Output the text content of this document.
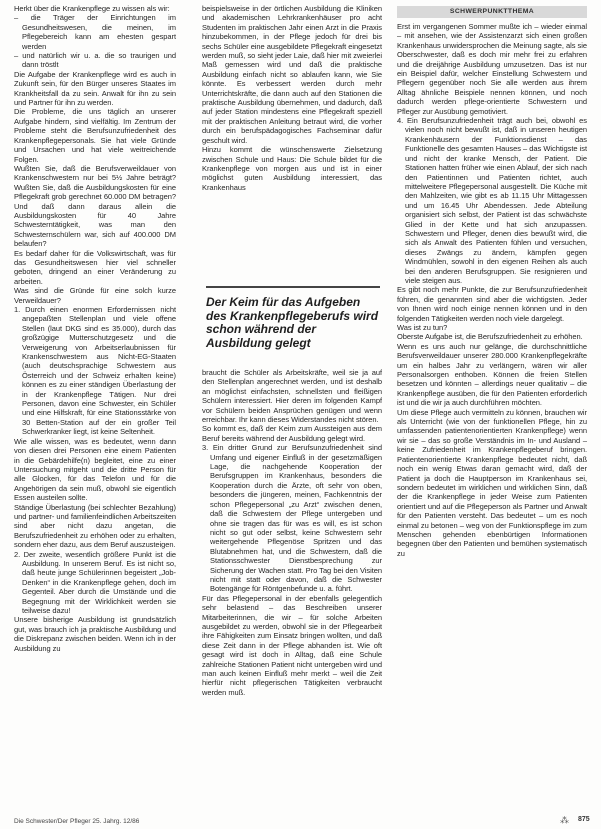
Herkt über die Krankenpflege zu wissen als wir:

– die Träger der Einrichtungen im Gesundheitswesen, die meinen, im Pflegebereich kann am ehesten gespart werden

– und natürlich wir u. a. die so traurigen und dann tröstlt

Die Aufgabe der Krankenpflege wird es auch in Zukunft sein, für den Bürger unseres Staates im Krankheitsfall da zu sein. Anwalt für ihn zu sein und Partner für ihn zu werden.

Die Probleme, die uns täglich an unserer Aufgabe hindern, sind vielfältig. Im Zentrum der Probleme steht die Berufsunzufriedenheit des Krankenpflegepersonals. Sie hat viele Gründe und Ursachen und hat viele weitreichende Folgen.

Wußten Sie, daß die Berufsverweildauer von Krankenschwestern nur bei 5½ Jahre beträgt? Wußten Sie, daß die Ausbildungskosten für eine Pflegekraft grob gerechnet 60.000 DM betragen? Und daß dann daraus allein die Ausbildungskosten für 40 Jahre Schwesterntätigkeit, was man den Schwesternschülern war, sich auf 400.000 DM belaufen?

Es bedarf daher für die Volkswirtschaft, was für das Gesundheitswesen hier viel schneller geboten, dringend an einer Veränderung zu arbeiten.

Was sind die Gründe für eine solch kurze Verweildauer?

1. Durch einen enormen Erfordernissen nicht angepaßten Stellenplan und viele offene Stellen (laut DKG sind es 35.000), durch das großzügige Mutterschutzgesetz und die Verweigerung von Arbeitserlaubnissen für Krankenschwestern aus Nicht-EG-Staaten (auch deutschsprachige Schwestern aus Österreich und der Schweiz erhalten keine) können es zu einer ständigen Überlastung der in der Krankenpflege Tätigen. Nur drei Personen, davon eine Schwester, ein Schüler und eine Hilfskraft, für eine Stationsstärke von 30 Betten-Station auf der ein großer Teil Schwerkranker liegt, ist keine Seltenheit.

Wie alle wissen, was es bedeutet, wenn dann von diesen drei Personen eine einem Patienten in die Gebärdehilfe(n) begleitet, eine zu einer Untersuchung mitgeht und die dritte Person für alle Glocken, für das Telefon und für die Angehörigen da sein muß, obwohl sie eigentlich Essen austeilen sollte.

Ständige Überlastung (bei schlechter Bezahlung) und partner- und familienfeindlichen Arbeitszeiten sind aber nicht dazu angetan, die Berufszufriedenheit zu erhöhen oder zu erhalten, sondern eher dazu, aus dem Beruf auszusteigen.

2. Der zweite, wesentlich größere Punkt ist die Ausbildung. In unserem Beruf. Es ist nicht so, daß heute junge Schülerinnen begeistert „Job-Denken“ in die Krankenpflege gehen, doch im Gegenteil. Aber durch die Umstände und die Begegnung mit der Wirklichkeit werden sie teilweise dazu!

Unsere bisherige Ausbildung ist grundsätzlich gut, was brauch ich ja praktische Ausbildung und die Diskrepanz zwischen beiden. Wenn ich in der Ausbildung zu

beispielsweise in der örtlichen Ausbildung die Kliniken und akademischen Lehrkrankenhäuser pro acht Studenten im praktischen Jahr einen Arzt in die Praxis hinzubekommen, in der Pflege jedoch für drei bis sechs Schüler eine ausgebildete Pflegekraft eingesetzt werden muß, so sieht jeder Laie, daß hier mit zweierlei Maß gemessen wird und daß die praktische Ausbildung einfach nicht so ablaufen kann, wie Sie könnte. Es verbessert werden durch mehr Unterrichtskräfte, die dann auch auf den Stationen die praktische Ausbildung übernehmen, und dadurch, daß auf jeder Station mindestens eine Pflegekraft speziell mit der praktischen Anleitung betraut wird, die vorher durch ein berufspädagogisches Fachseminar dafür geschult wird.

Hinzu kommt die wünschenswerte Zielsetzung zwischen Schule und Haus: Die Schule bildet für die Krankenpflege von morgen aus und ist in einer möglichst guten Ausbildung interessiert, das Krankenhaus

Der Keim für das Aufgeben des Krankenpflegeberufs wird schon während der Ausbildung gelegt

braucht die Schüler als Arbeitskräfte, weil sie ja auf den Stellenplan angerechnet werden, und ist deshalb an möglichst einfachsten, schnellsten und fleißigen Schülern interessiert. Hier deren im folgenden Kampf vor Schülern beiden Ansprüchen genügen und wenn erreichbar. Ihr kann dieses Widerstandes nicht stören.

So kommt es, daß der Keim zum Aussteigen aus dem Beruf bereits während der Ausbildung gelegt wird.

3. Ein dritter Grund zur Berufsunzufriedenheit sind Umfang und eigener Einfluß in der gesetzmäßigen Lage, die nachgehende Kooperation der Berufsgruppen im Krankenhaus, besonders die Kooperation durch die Ärzte, oft sehr von oben, besonders die jüngeren, meinen, Fachkenntnis der schon Pflegepersonal „zu Arzt“ zwischen denen, daß die Schwestern der Pflege untergeben und ohne sie tragen das für was es will, es ist schon nicht so gut oder selbst, keine Schwestern sehr weitergehende Pflegenöse Spritzen und das Blutabnehmen hat, und die Schwestern, daß die Stationsschwester Dienstbesprechung zur Sicherung der Wachen statt. Pro Tag bei den Visiten nicht mit statt oder davon, daß die Schwester Botengänge für Röntgenbefunde u. a. führt.

Für das Pflegepersonal in der ebenfalls gelegentlich sehr belastend – das Beschreiben unserer Mitarbeiterinnen, die wir – für solche Arbeiten ausgebildet zu werden, obwohl sie in der Pflegearbeit ihre Fähigkeiten zum Einsatz bringen wollten, und daß diese Zeit dann in der Pflege abhanden ist. Wie oft gesagt wird ist doch in Alltag, daß eine Schule zahlreiche Stationen Patient nicht untergeben wird und man auch keinen Einfluß mehr merkt – weil die Zeit hierfür nicht pflegerischen Tätigkeiten verbraucht werden muß.

SCHWERPUNKTTHEMA

Erst im vergangenen Sommer mußte ich – wieder einmal – mit ansehen, wie der Assistenzarzt sich einen großen Krankenhaus unwidersprochen die Meinung sagte, als sie Oberschwester, daß es doch mir mehr frei zu erfahren und die dreijährige Ausbildung umzusetzen. Das ist nur ein Beispiel dafür, welcher Einstellung Schwestern und Pflegern gegenüber noch Sie alle werden aus ihrem Alltag ähnliche Beispiele nennen können, und noch dadurch werden pflege-orientierte Schwestern und Pfleger zur Ausübung gemotiviert.

4. Ein Berufsunzufriedenheit trägt auch bei, obwohl es vielen noch nicht bewußt ist, daß in unseren heutigen Krankenhäusern der Funktionsdienst – das Funktionelle des gesamten Hauses – das Wichtigste ist und nicht der kranke Mensch, der Patient. Die Stationen hatten früher wie einen Ablauf, der sich nach den Patientinnen und Patienten richtet, auch mittelweitere Pflegepersonal ausgestellt. Die Küche mit den Mahlzeiten, wie gibt es ab 11.15 Uhr Mittagessen und um 16.45 Uhr Abendessen. Jede Abteilung organisiert sich selbst, der Patient ist das schwächste Glied in der Kette und hat sich anzupassen. Schwestern und Pfleger, denen dies bewußt wird, die sich als Anwalt des Patienten fühlen und versuchen, dieses Zwängs zu ändern, kämpfen gegen Windmühlen, sowohl in den eigenen Reihen als auch bei den anderen Berufsgruppen. Sie resignieren und viele steigen aus.

Es gibt noch mehr Punkte, die zur Berufsunzufriedenheit führen, die genannten sind aber die wichtigsten. Jeder von Ihnen wird noch einige nennen können und in den folgenden Tätigkeiten werden noch viele dargelegt.

Was ist zu tun?

Oberste Aufgabe ist, die Berufszufriedenheit zu erhöhen.

Wenn es uns auch nur gelänge, die durchschnittliche Berufsverweildauer unserer 280.000 Krankenpflegekräfte um ein halbes Jahr zu verlängern, wären wir aller Personalsorgen enthoben. Können die freien Stellen besetzen und könnten – allerdings neuer qualitativ – die Krankenpflege ausüben, die für den Patienten erforderlich ist und die wir ja auch durchführen möchten.

Um diese Pflege auch vermitteln zu können, brauchen wir als Unterricht (wie von der funktionellen Pflege, hin zu umfassenden patientenorientierten Krankenpflege) wenn wir sie – das so große Verständnis im In- und Ausland – keine Zufriedenheit im Krankenpflegeberuf bringen. Patientenorientierte Krankenpflege bedeutet nicht, daß noch ein wenig Etwas daran gemacht wird, daß der Patient ja doch die Hauptperson im Krankenhaus sei, sondern bedeutet im wirklichen und wirklichen Sinn, daß der die Krankenpflege in jeder Weise zum Patienten orientiert und auf die Pflegeperson als Partner und Anwalt für den Patienten versteht. Das bedeutet – um es noch einmal zu betonen – weg von der Funktionspflege im zum Menschen gehenden ebenbürtigen Informationen begegnen über den Patienten und bemühen systematisch zu

Die Schwester/Der Pfleger 25. Jahrg. 12/86	⁂ 875
